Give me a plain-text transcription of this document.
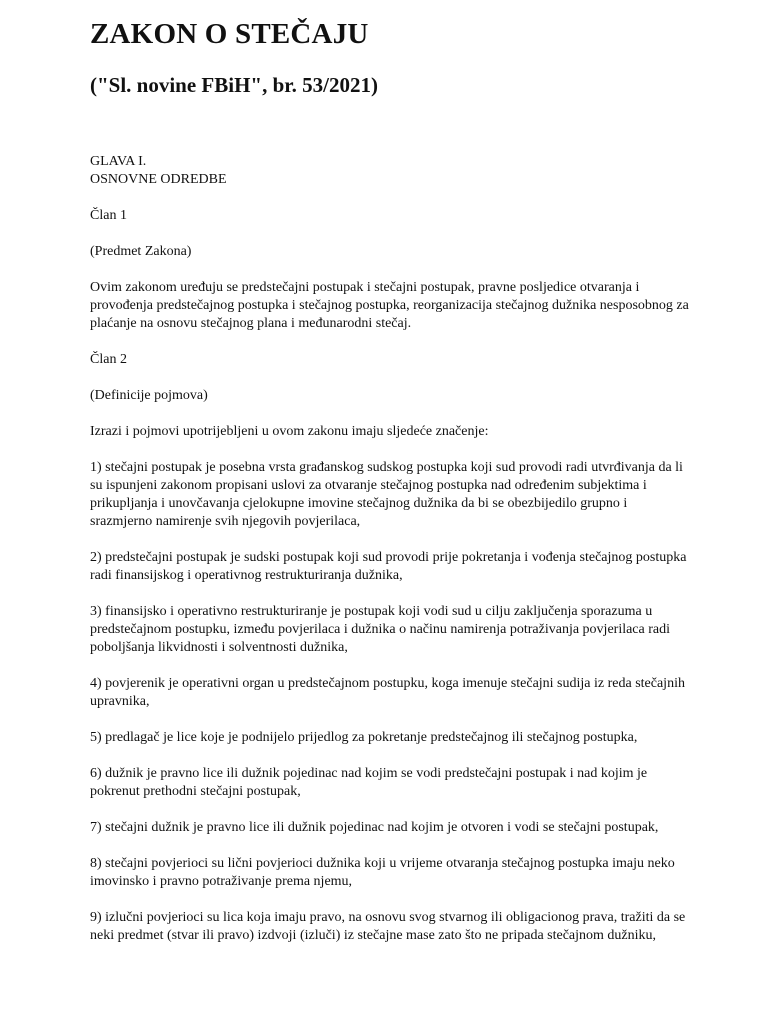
ZAKON O STEČAJU
("Sl. novine FBiH", br. 53/2021)

GLAVA I.

OSNOVNE ODREDBE

Član 1

(Predmet Zakona)

Ovim zakonom uređuju se predstečajni postupak i stečajni postupak, pravne posljedice otvaranja i provođenja predstečajnog postupka i stečajnog postupka, reorganizacija stečajnog dužnika nesposobnog za plaćanje na osnovu stečajnog plana i međunarodni stečaj.

Član 2

(Definicije pojmova)

Izrazi i pojmovi upotrijebljeni u ovom zakonu imaju sljedeće značenje:

1) stečajni postupak je posebna vrsta građanskog sudskog postupka koji sud provodi radi utvrđivanja da li su ispunjeni zakonom propisani uslovi za otvaranje stečajnog postupka nad određenim subjektima i prikupljanja i unovčavanja cjelokupne imovine stečajnog dužnika da bi se obezbijedilo grupno i srazmjerno namirenje svih njegovih povjerilaca,

2) predstečajni postupak je sudski postupak koji sud provodi prije pokretanja i vođenja stečajnog postupka radi finansijskog i operativnog restrukturiranja dužnika,

3) finansijsko i operativno restrukturiranje je postupak koji vodi sud u cilju zaključenja sporazuma u predstečajnom postupku, između povjerilaca i dužnika o načinu namirenja potraživanja povjerilaca radi poboljšanja likvidnosti i solventnosti dužnika,

4) povjerenik je operativni organ u predstečajnom postupku, koga imenuje stečajni sudija iz reda stečajnih upravnika,

5) predlagač je lice koje je podnijelo prijedlog za pokretanje predstečajnog ili stečajnog postupka,

6) dužnik je pravno lice ili dužnik pojedinac nad kojim se vodi predstečajni postupak i nad kojim je pokrenut prethodni stečajni postupak,

7) stečajni dužnik je pravno lice ili dužnik pojedinac nad kojim je otvoren i vodi se stečajni postupak,

8) stečajni povjerioci su lični povjerioci dužnika koji u vrijeme otvaranja stečajnog postupka imaju neko imovinsko i pravno potraživanje prema njemu,

9) izlučni povjerioci su lica koja imaju pravo, na osnovu svog stvarnog ili obligacionog prava, tražiti da se neki predmet (stvar ili pravo) izdvoji (izluči) iz stečajne mase zato što ne pripada stečajnom dužniku,
